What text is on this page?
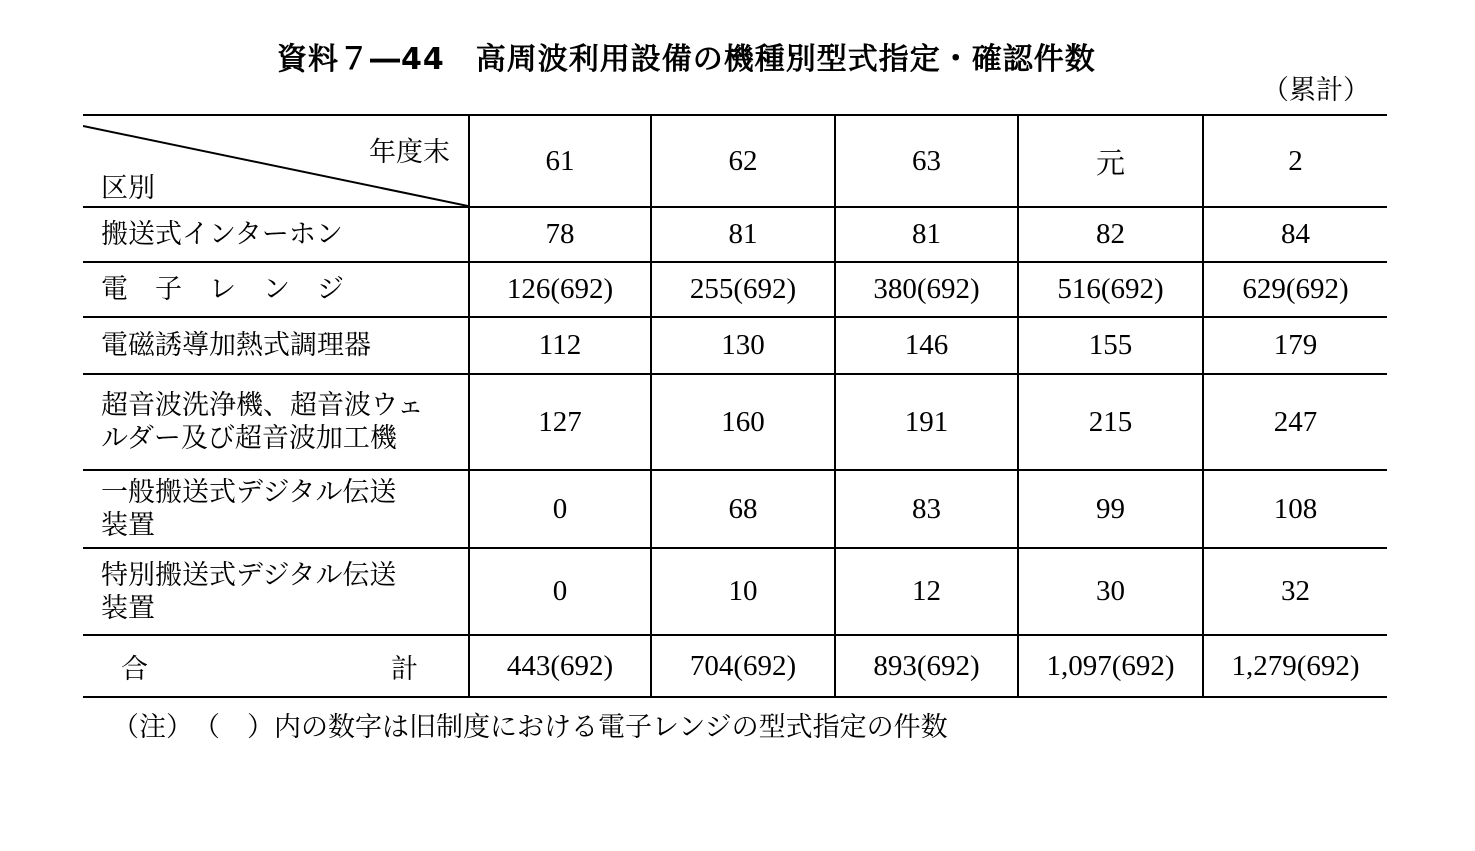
資料７―44　高周波利用設備の機種別型式指定・確認件数
（累計）
年度末
区別	61	62	63	元	2

搬送式インターホン	78	81	81	82	84

電　子　レ　ン　ジ	126(692)	255(692)	380(692)	516(692)	629(692)

電磁誘導加熱式調理器	112	130	146	155	179

超音波洗浄機、超音波ウェ
ルダー及び超音波加工機	127	160	191	215	247

一般搬送式デジタル伝送
装置	0	68	83	99	108

特別搬送式デジタル伝送
装置	0	10	12	30	32

合 計	443(692)	704(692)	893(692)	1,097(692)	1,279(692)
（注）　（　）内の数字は旧制度における電子レンジの型式指定の件数
